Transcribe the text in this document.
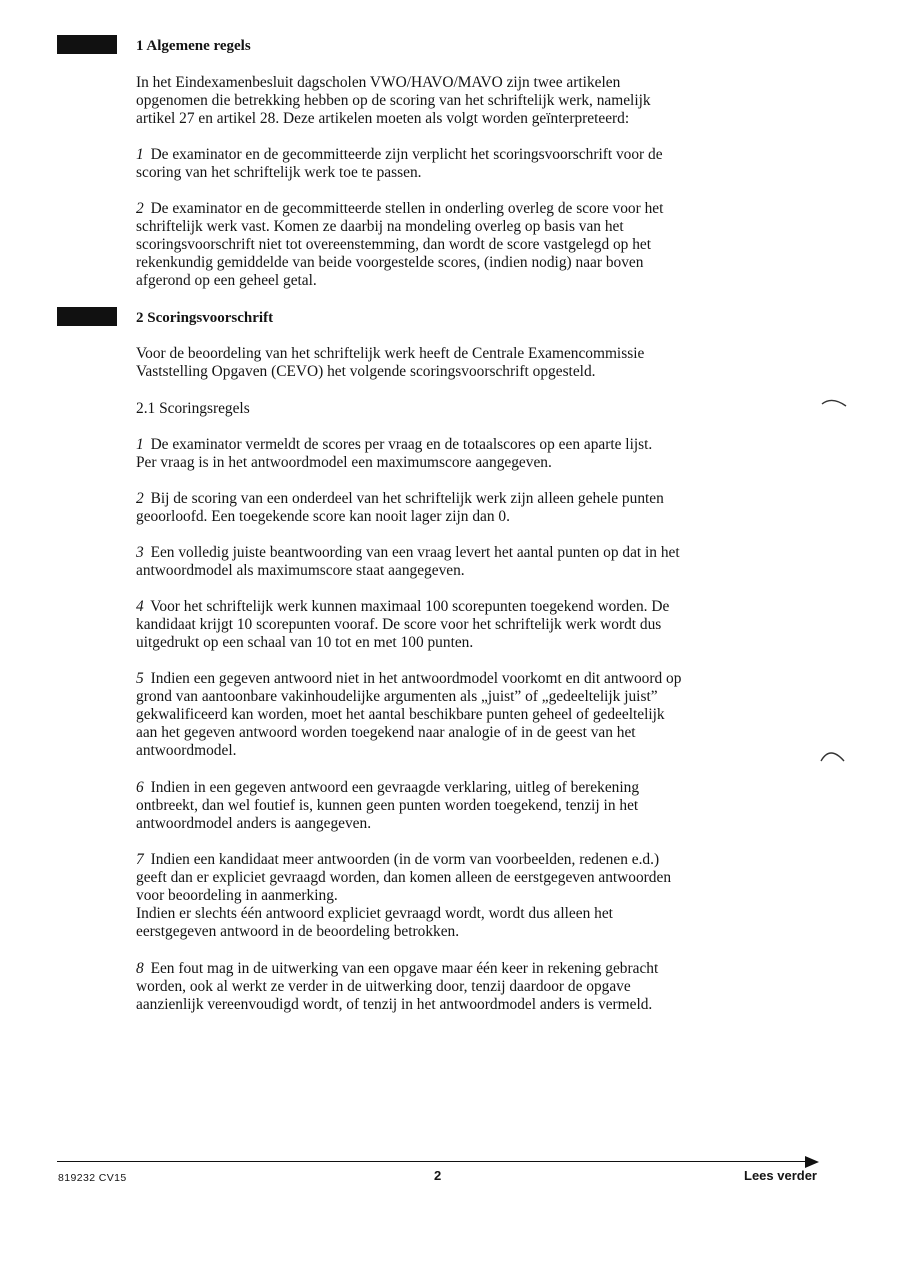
1 Algemene regels
In het Eindexamenbesluit dagscholen VWO/HAVO/MAVO zijn twee artikelen
opgenomen die betrekking hebben op de scoring van het schriftelijk werk, namelijk
artikel 27 en artikel 28. Deze artikelen moeten als volgt worden geïnterpreteerd:
1 De examinator en de gecommitteerde zijn verplicht het scoringsvoorschrift voor de
scoring van het schriftelijk werk toe te passen.
2 De examinator en de gecommitteerde stellen in onderling overleg de score voor het
schriftelijk werk vast. Komen ze daarbij na mondeling overleg op basis van het
scoringsvoorschrift niet tot overeenstemming, dan wordt de score vastgelegd op het
rekenkundig gemiddelde van beide voorgestelde scores, (indien nodig) naar boven
afgerond op een geheel getal.
2 Scoringsvoorschrift
Voor de beoordeling van het schriftelijk werk heeft de Centrale Examencommissie
Vaststelling Opgaven (CEVO) het volgende scoringsvoorschrift opgesteld.
2.1 Scoringsregels
1 De examinator vermeldt de scores per vraag en de totaalscores op een aparte lijst.
Per vraag is in het antwoordmodel een maximumscore aangegeven.
2 Bij de scoring van een onderdeel van het schriftelijk werk zijn alleen gehele punten
geoorloofd. Een toegekende score kan nooit lager zijn dan 0.
3 Een volledig juiste beantwoording van een vraag levert het aantal punten op dat in het
antwoordmodel als maximumscore staat aangegeven.
4 Voor het schriftelijk werk kunnen maximaal 100 scorepunten toegekend worden. De
kandidaat krijgt 10 scorepunten vooraf. De score voor het schriftelijk werk wordt dus
uitgedrukt op een schaal van 10 tot en met 100 punten.
5 Indien een gegeven antwoord niet in het antwoordmodel voorkomt en dit antwoord op
grond van aantoonbare vakinhoudelijke argumenten als „juist” of „gedeeltelijk juist”
gekwalificeerd kan worden, moet het aantal beschikbare punten geheel of gedeeltelijk
aan het gegeven antwoord worden toegekend naar analogie of in de geest van het
antwoordmodel.
6 Indien in een gegeven antwoord een gevraagde verklaring, uitleg of berekening
ontbreekt, dan wel foutief is, kunnen geen punten worden toegekend, tenzij in het
antwoordmodel anders is aangegeven.
7 Indien een kandidaat meer antwoorden (in de vorm van voorbeelden, redenen e.d.)
geeft dan er expliciet gevraagd worden, dan komen alleen de eerstgegeven antwoorden
voor beoordeling in aanmerking.
Indien er slechts één antwoord expliciet gevraagd wordt, wordt dus alleen het
eerstgegeven antwoord in de beoordeling betrokken.
8 Een fout mag in de uitwerking van een opgave maar één keer in rekening gebracht
worden, ook al werkt ze verder in de uitwerking door, tenzij daardoor de opgave
aanzienlijk vereenvoudigd wordt, of tenzij in het antwoordmodel anders is vermeld.
819232 CV15	2	Lees verder
